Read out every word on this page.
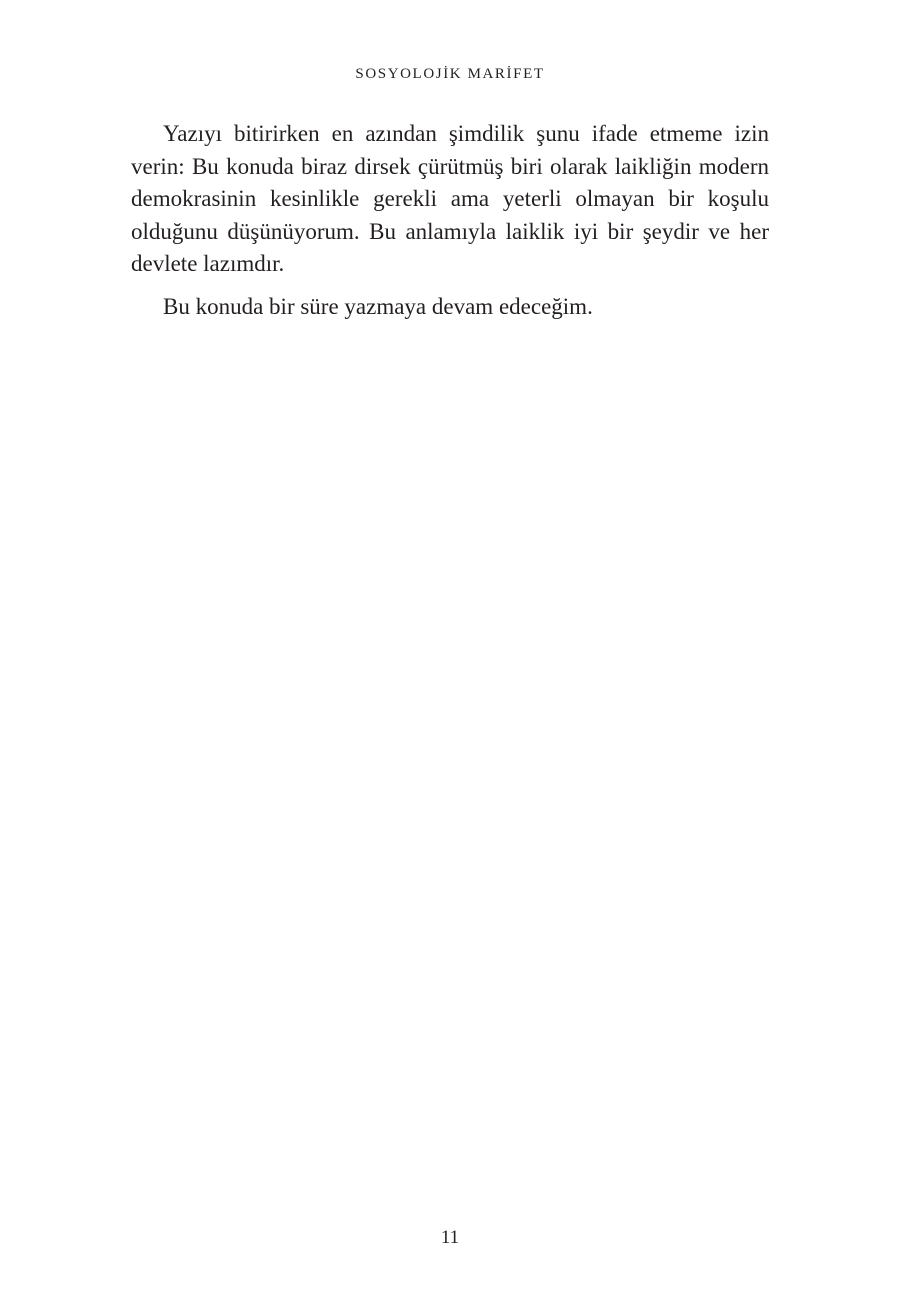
SOSYOLOJİK MARİFET

Yazıyı bitirirken en azından şimdilik şunu ifade etmeme izin verin: Bu konuda biraz dirsek çürütmüş biri olarak laikliğin modern demokrasinin kesinlikle gerekli ama yeterli olmayan bir koşulu olduğunu düşünüyorum. Bu anlamıyla laiklik iyi bir şeydir ve her devlete lazımdır.

Bu konuda bir süre yazmaya devam edeceğim.

11
